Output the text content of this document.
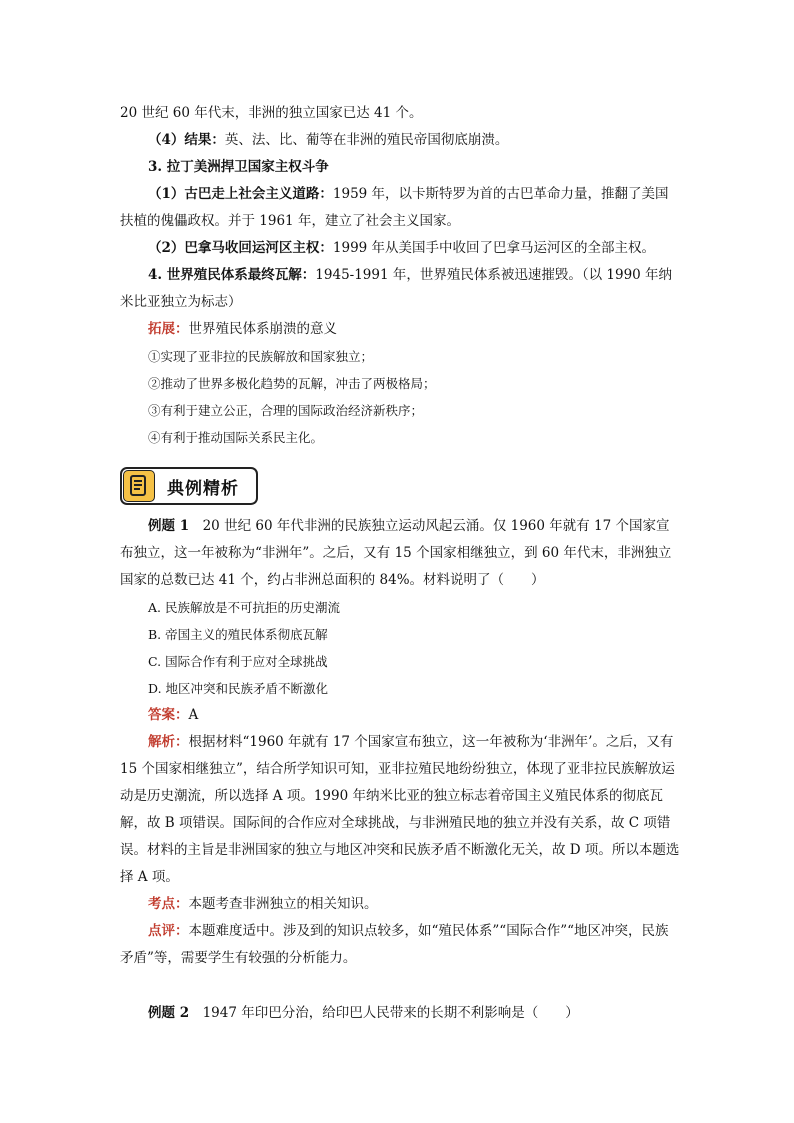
20 世纪 60 年代末，非洲的独立国家已达 41 个。

（4）结果：英、法、比、葡等在非洲的殖民帝国彻底崩溃。

3. 拉丁美洲捍卫国家主权斗争

（1）古巴走上社会主义道路：1959 年，以卡斯特罗为首的古巴革命力量，推翻了美国扶植的傀儡政权。并于 1961 年，建立了社会主义国家。

（2）巴拿马收回运河区主权：1999 年从美国手中收回了巴拿马运河区的全部主权。

4. 世界殖民体系最终瓦解：1945-1991 年，世界殖民体系被迅速摧毁。（以 1990 年纳米比亚独立为标志）

拓展：世界殖民体系崩溃的意义

①实现了亚非拉的民族解放和国家独立；

②推动了世界多极化趋势的瓦解，冲击了两极格局；

③有利于建立公正，合理的国际政治经济新秩序；

④有利于推动国际关系民主化。

典例精析

例题 1　 20 世纪 60 年代非洲的民族独立运动风起云涌。仅 1960 年就有 17 个国家宣布独立，这一年被称为“非洲年”。之后，又有 15 个国家相继独立，到 60 年代末，非洲独立国家的总数已达 41 个，约占非洲总面积的 84%。材料说明了（　　）

A. 民族解放是不可抗拒的历史潮流

B. 帝国主义的殖民体系彻底瓦解

C. 国际合作有利于应对全球挑战

D. 地区冲突和民族矛盾不断激化

答案：A

解析：根据材料“1960 年就有 17 个国家宣布独立，这一年被称为‘非洲年’。之后，又有 15 个国家相继独立”，结合所学知识可知，亚非拉殖民地纷纷独立，体现了亚非拉民族解放运动是历史潮流，所以选择 A 项。1990 年纳米比亚的独立标志着帝国主义殖民体系的彻底瓦解，故 B 项错误。国际间的合作应对全球挑战，与非洲殖民地的独立并没有关系，故 C 项错误。材料的主旨是非洲国家的独立与地区冲突和民族矛盾不断激化无关，故 D 项。所以本题选择 A 项。

考点：本题考查非洲独立的相关知识。

点评：本题难度适中。涉及到的知识点较多，如“殖民体系”“国际合作”“地区冲突，民族矛盾”等，需要学生有较强的分析能力。

例题 2　 1947 年印巴分治，给印巴人民带来的长期不利影响是（　　）
